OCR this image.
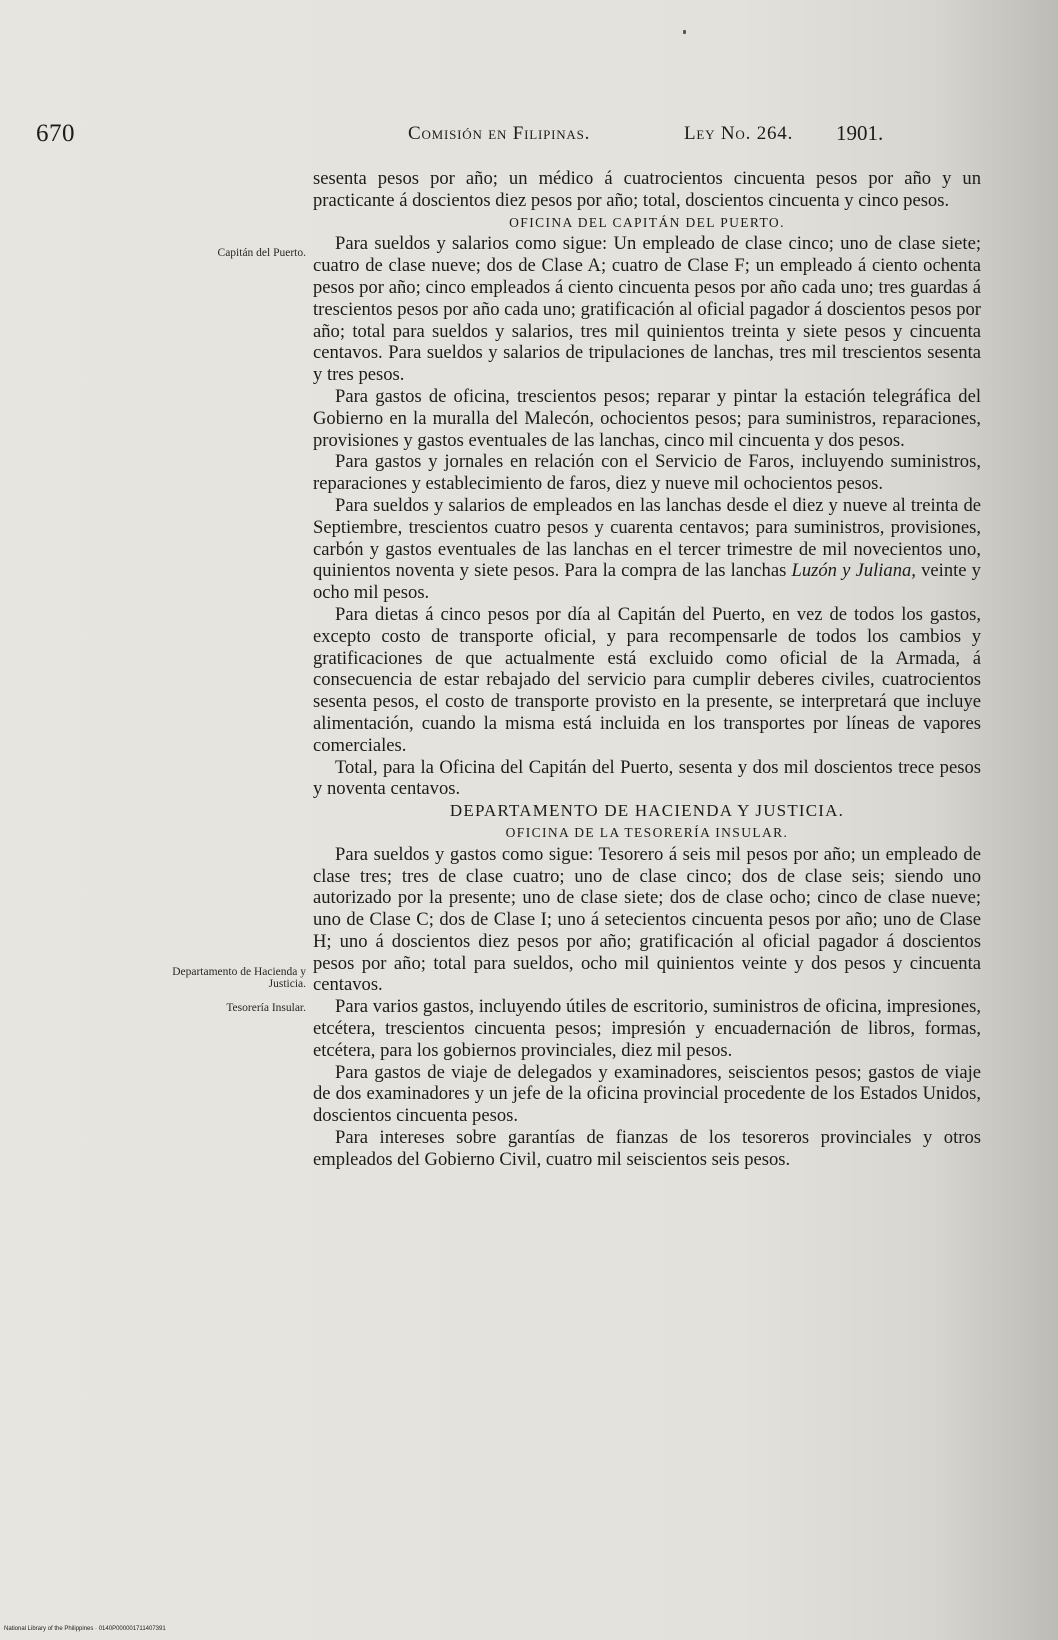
670	Comisión en Filipinas.	Ley No. 264. 1901.
Capitán del Puerto.
Departamento de Hacienda y Justicia.
Tesorería Insular.

sesenta pesos por año; un médico á cuatrocientos cincuenta pesos por año y un practicante á doscientos diez pesos por año; total, doscientos cincuenta y cinco pesos.

OFICINA DEL CAPITÁN DEL PUERTO.

Para sueldos y salarios como sigue: Un empleado de clase cinco; uno de clase siete; cuatro de clase nueve; dos de Clase A; cuatro de Clase F; un empleado á ciento ochenta pesos por año; cinco empleados á ciento cincuenta pesos por año cada uno; tres guardas á trescientos pesos por año cada uno; gratificación al oficial pagador á doscientos pesos por año; total para sueldos y salarios, tres mil quinientos treinta y siete pesos y cincuenta centavos. Para sueldos y salarios de tripulaciones de lanchas, tres mil trescientos sesenta y tres pesos.

Para gastos de oficina, trescientos pesos; reparar y pintar la estación telegráfica del Gobierno en la muralla del Malecón, ochocientos pesos; para suministros, reparaciones, provisiones y gastos eventuales de las lanchas, cinco mil cincuenta y dos pesos.

Para gastos y jornales en relación con el Servicio de Faros, incluyendo suministros, reparaciones y establecimiento de faros, diez y nueve mil ochocientos pesos.

Para sueldos y salarios de empleados en las lanchas desde el diez y nueve al treinta de Septiembre, trescientos cuatro pesos y cuarenta centavos; para suministros, provisiones, carbón y gastos eventuales de las lanchas en el tercer trimestre de mil novecientos uno, quinientos noventa y siete pesos. Para la compra de las lanchas Luzón y Juliana, veinte y ocho mil pesos.

Para dietas á cinco pesos por día al Capitán del Puerto, en vez de todos los gastos, excepto costo de transporte oficial, y para recompensarle de todos los cambios y gratificaciones de que actualmente está excluido como oficial de la Armada, á consecuencia de estar rebajado del servicio para cumplir deberes civiles, cuatrocientos sesenta pesos, el costo de transporte provisto en la presente, se interpretará que incluye alimentación, cuando la misma está incluida en los transportes por líneas de vapores comerciales.

Total, para la Oficina del Capitán del Puerto, sesenta y dos mil doscientos trece pesos y noventa centavos.

DEPARTAMENTO DE HACIENDA Y JUSTICIA.

OFICINA DE LA TESORERÍA INSULAR.

Para sueldos y gastos como sigue: Tesorero á seis mil pesos por año; un empleado de clase tres; tres de clase cuatro; uno de clase cinco; dos de clase seis; siendo uno autorizado por la presente; uno de clase siete; dos de clase ocho; cinco de clase nueve; uno de Clase C; dos de Clase I; uno á setecientos cincuenta pesos por año; uno de Clase H; uno á doscientos diez pesos por año; gratificación al oficial pagador á doscientos pesos por año; total para sueldos, ocho mil quinientos veinte y dos pesos y cincuenta centavos.

Para varios gastos, incluyendo útiles de escritorio, suministros de oficina, impresiones, etcétera, trescientos cincuenta pesos; impresión y encuadernación de libros, formas, etcétera, para los gobiernos provinciales, diez mil pesos.

Para gastos de viaje de delegados y examinadores, seiscientos pesos; gastos de viaje de dos examinadores y un jefe de la oficina provincial procedente de los Estados Unidos, doscientos cincuenta pesos.

Para intereses sobre garantías de fianzas de los tesoreros provinciales y otros empleados del Gobierno Civil, cuatro mil seiscientos seis pesos.

National Library of the Philippines · 0140P000001711407391
